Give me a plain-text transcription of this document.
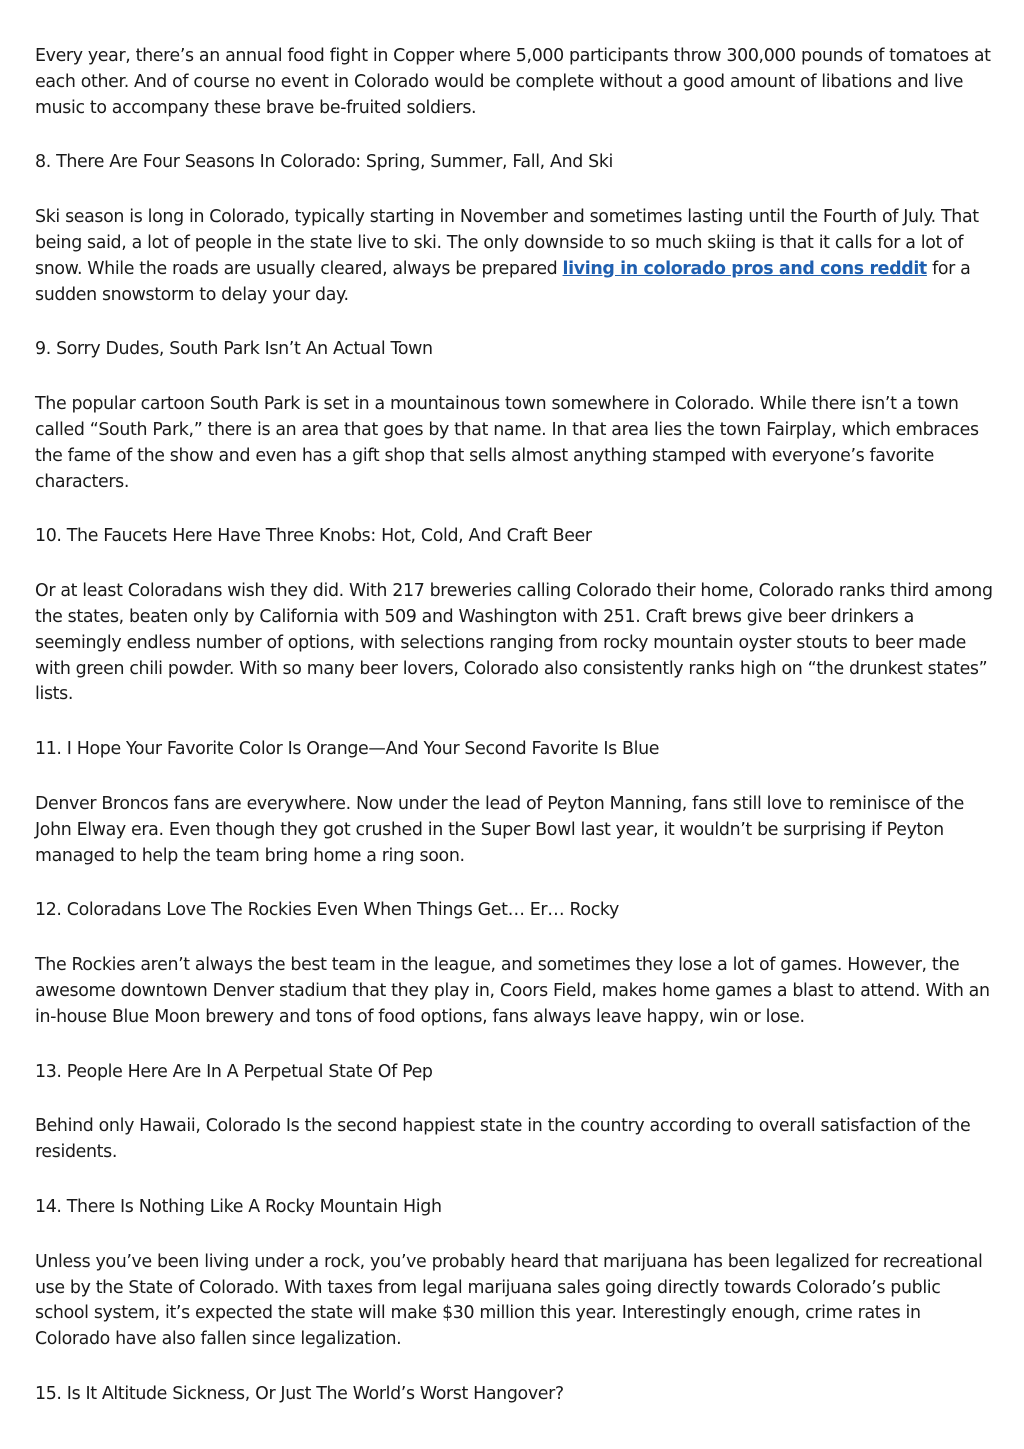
Every year, there’s an annual food fight in Copper where 5,000 participants throw 300,000 pounds of tomatoes at each other. And of course no event in Colorado would be complete without a good amount of libations and live music to accompany these brave be-fruited soldiers.

8. There Are Four Seasons In Colorado: Spring, Summer, Fall, And Ski

Ski season is long in Colorado, typically starting in November and sometimes lasting until the Fourth of July. That being said, a lot of people in the state live to ski. The only downside to so much skiing is that it calls for a lot of snow. While the roads are usually cleared, always be prepared living in colorado pros and cons reddit for a sudden snowstorm to delay your day.

9. Sorry Dudes, South Park Isn’t An Actual Town

The popular cartoon South Park is set in a mountainous town somewhere in Colorado. While there isn’t a town called “South Park,” there is an area that goes by that name. In that area lies the town Fairplay, which embraces the fame of the show and even has a gift shop that sells almost anything stamped with everyone’s favorite characters.

10. The Faucets Here Have Three Knobs: Hot, Cold, And Craft Beer

Or at least Coloradans wish they did. With 217 breweries calling Colorado their home, Colorado ranks third among the states, beaten only by California with 509 and Washington with 251. Craft brews give beer drinkers a seemingly endless number of options, with selections ranging from rocky mountain oyster stouts to beer made with green chili powder. With so many beer lovers, Colorado also consistently ranks high on “the drunkest states” lists.

11. I Hope Your Favorite Color Is Orange—And Your Second Favorite Is Blue

Denver Broncos fans are everywhere. Now under the lead of Peyton Manning, fans still love to reminisce of the John Elway era. Even though they got crushed in the Super Bowl last year, it wouldn’t be surprising if Peyton managed to help the team bring home a ring soon.

12. Coloradans Love The Rockies Even When Things Get… Er… Rocky

The Rockies aren’t always the best team in the league, and sometimes they lose a lot of games. However, the awesome downtown Denver stadium that they play in, Coors Field, makes home games a blast to attend. With an in-house Blue Moon brewery and tons of food options, fans always leave happy, win or lose.

13. People Here Are In A Perpetual State Of Pep

Behind only Hawaii, Colorado Is the second happiest state in the country according to overall satisfaction of the residents.

14. There Is Nothing Like A Rocky Mountain High

Unless you’ve been living under a rock, you’ve probably heard that marijuana has been legalized for recreational use by the State of Colorado. With taxes from legal marijuana sales going directly towards Colorado’s public school system, it’s expected the state will make $30 million this year. Interestingly enough, crime rates in Colorado have also fallen since legalization.

15. Is It Altitude Sickness, Or Just The World’s Worst Hangover?
